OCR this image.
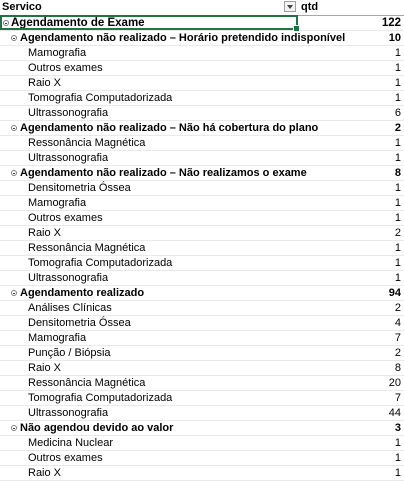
Servico	qtd
Agendamento de Exame	122
Agendamento não realizado – Horário pretendido indisponível	10
Mamografia	1
Outros exames	1
Raio X	1
Tomografia Computadorizada	1
Ultrassonografia	6
Agendamento não realizado – Não há cobertura do plano	2
Ressonância Magnética	1
Ultrassonografia	1
Agendamento não realizado – Não realizamos o exame	8
Densitometria Óssea	1
Mamografia	1
Outros exames	1
Raio X	2
Ressonância Magnética	1
Tomografia Computadorizada	1
Ultrassonografia	1
Agendamento realizado	94
Análises Clínicas	2
Densitometria Óssea	4
Mamografia	7
Punção / Biópsia	2
Raio X	8
Ressonância Magnética	20
Tomografia Computadorizada	7
Ultrassonografia	44
Não agendou devido ao valor	3
Medicina Nuclear	1
Outros exames	1
Raio X	1
